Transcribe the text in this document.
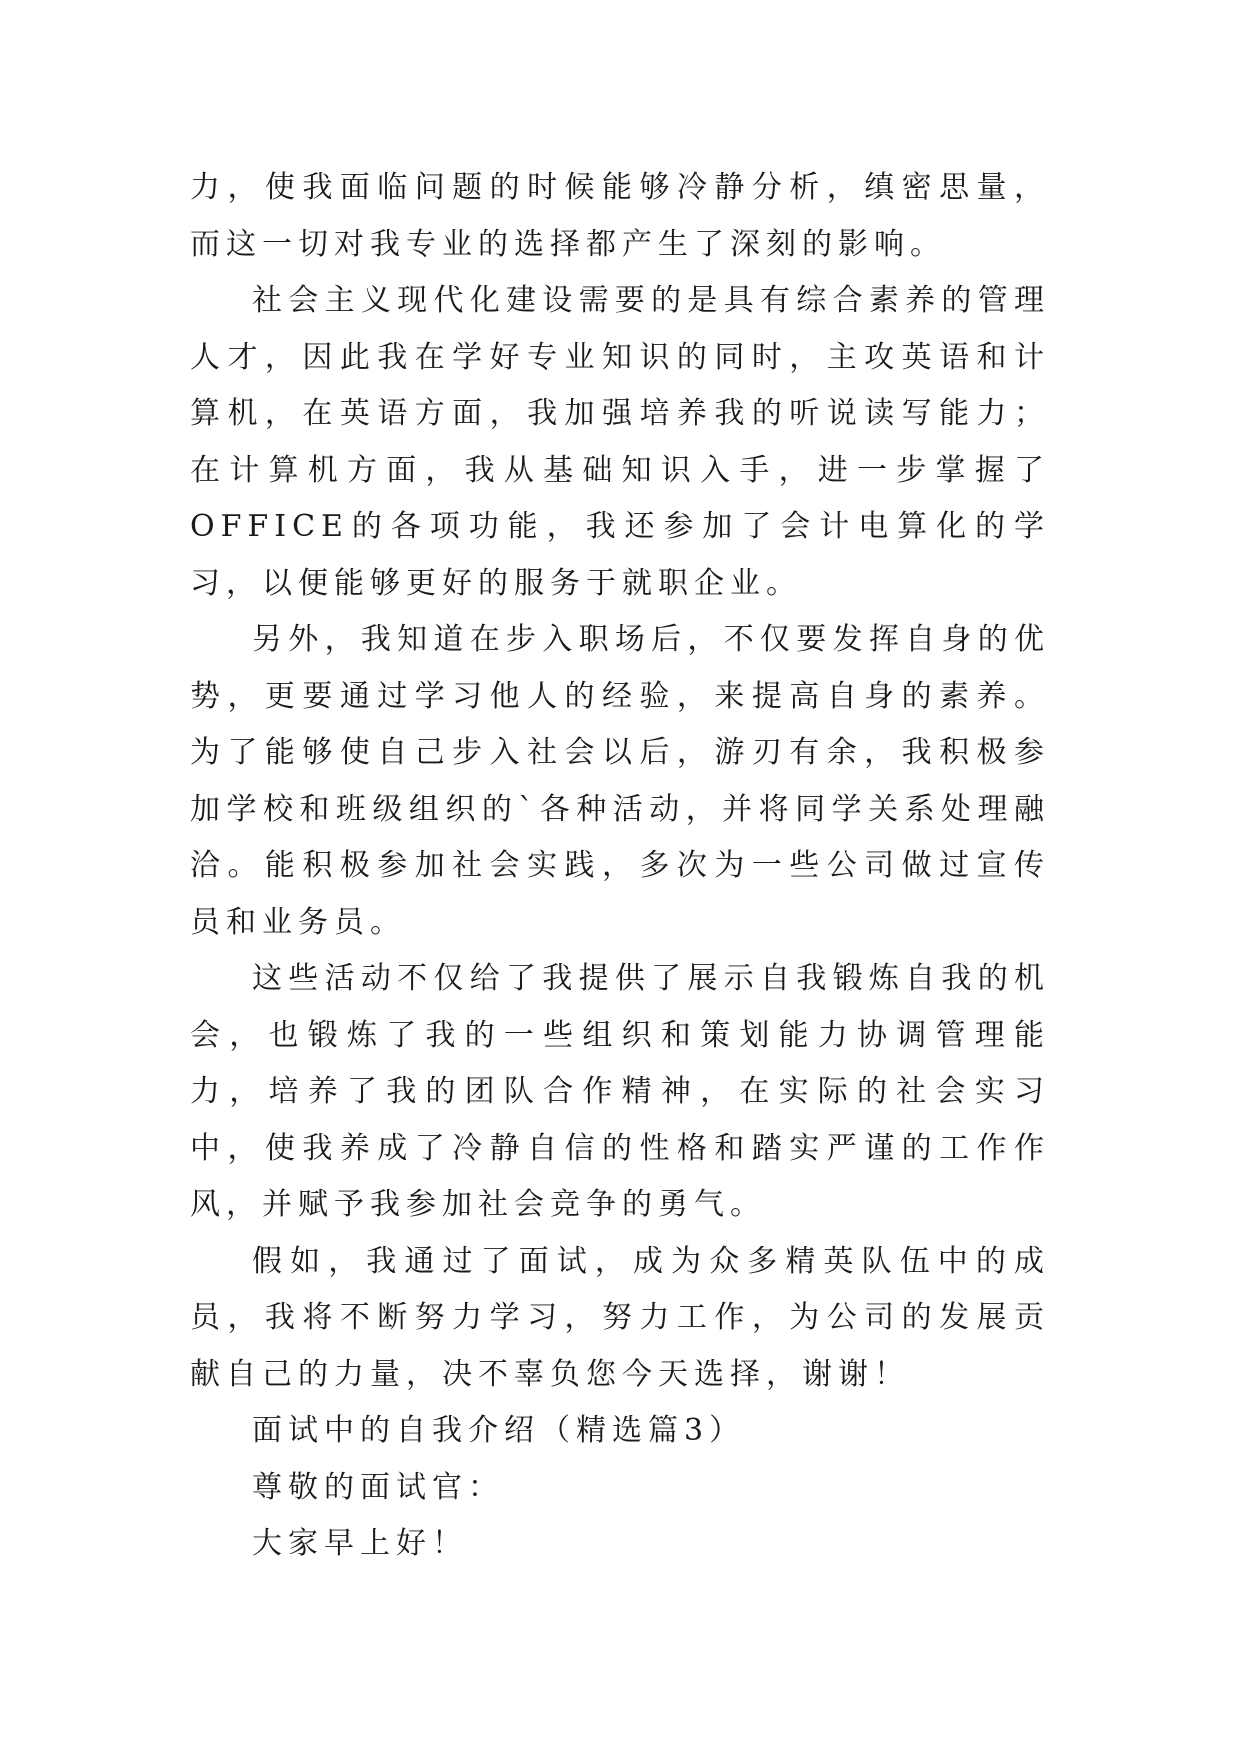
力，使我面临问题的时候能够冷静分析，缜密思量，而这一切对我专业的选择都产生了深刻的影响。

社会主义现代化建设需要的是具有综合素养的管理人才，因此我在学好专业知识的同时，主攻英语和计算机，在英语方面，我加强培养我的听说读写能力；在计算机方面，我从基础知识入手，进一步掌握了OFFICE的各项功能，我还参加了会计电算化的学习，以便能够更好的服务于就职企业。

另外，我知道在步入职场后，不仅要发挥自身的优势，更要通过学习他人的经验，来提高自身的素养。为了能够使自己步入社会以后，游刃有余，我积极参加学校和班级组织的`各种活动，并将同学关系处理融洽。能积极参加社会实践，多次为一些公司做过宣传员和业务员。

这些活动不仅给了我提供了展示自我锻炼自我的机会，也锻炼了我的一些组织和策划能力协调管理能力，培养了我的团队合作精神，在实际的社会实习中，使我养成了冷静自信的性格和踏实严谨的工作作风，并赋予我参加社会竞争的勇气。

假如，我通过了面试，成为众多精英队伍中的成员，我将不断努力学习，努力工作，为公司的发展贡献自己的力量，决不辜负您今天选择，谢谢！

面试中的自我介绍（精选篇3）

尊敬的面试官：

大家早上好！
